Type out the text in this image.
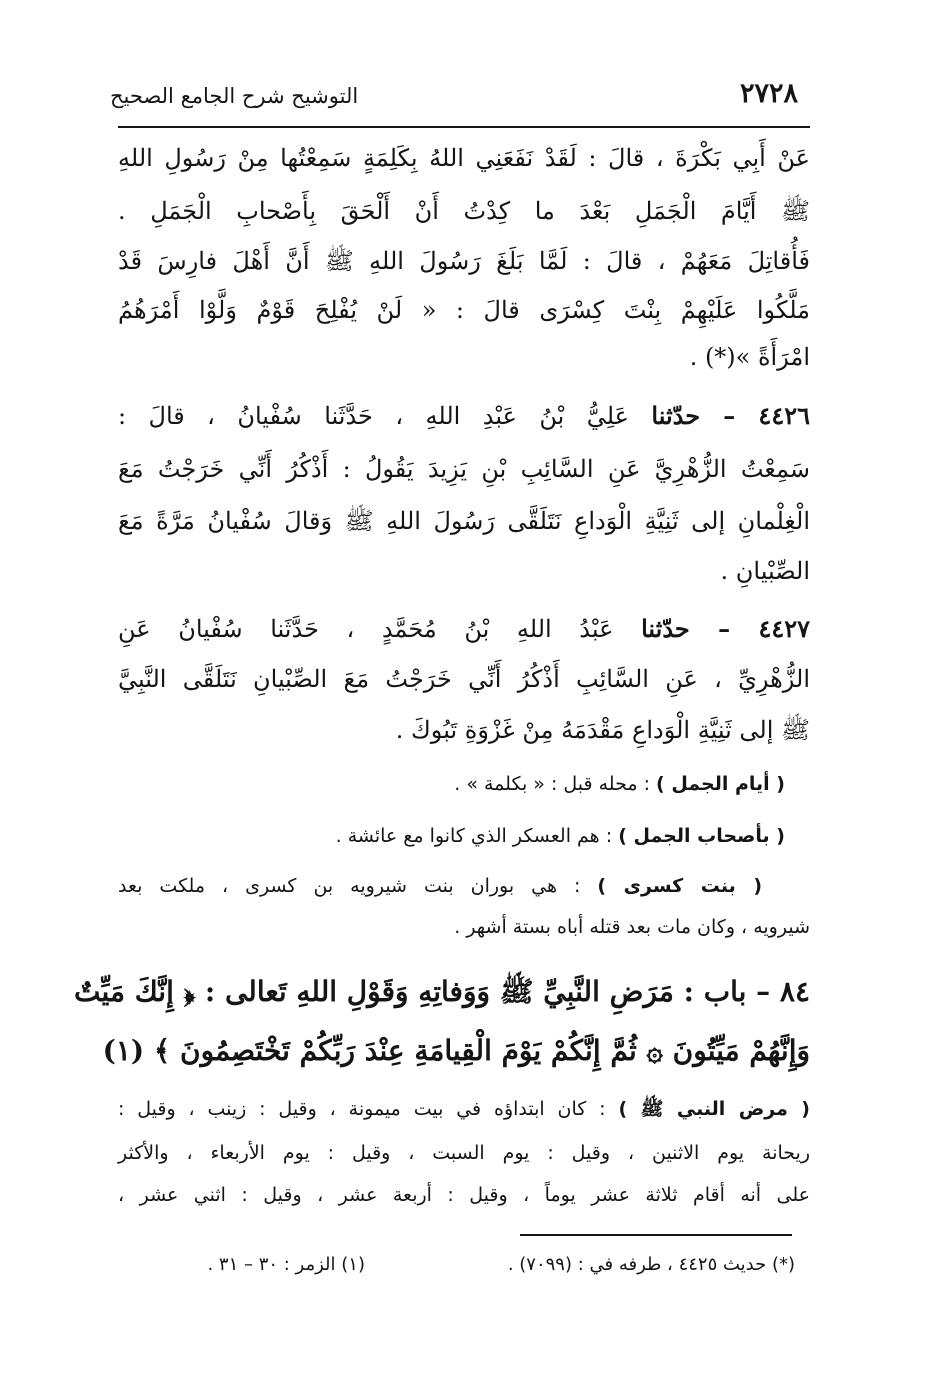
٢٧٢٨
التوشيح شرح الجامع الصحيح
عَنْ أَبِي بَكْرَةَ ، قالَ : لَقَدْ نَفَعَنِي اللهُ بِكَلِمَةٍ سَمِعْتُها مِنْ رَسُولِ اللهِ
ﷺ أَيَّامَ الْجَمَلِ بَعْدَ ما كِدْتُ أَنْ أَلْحَقَ بِأَصْحابِ الْجَمَلِ .
فَأُقاتِلَ مَعَهُمْ ، قالَ : لَمَّا بَلَغَ رَسُولَ اللهِ ﷺ أَنَّ أَهْلَ فارِسَ قَدْ
مَلَّكُوا عَلَيْهِمْ بِنْتَ كِسْرَى قالَ : « لَنْ يُفْلِحَ قَوْمٌ وَلَّوْا أَمْرَهُمُ
امْرَأَةً »(*) .
٤٤٢٦ – حدّثنا عَلِيُّ بْنُ عَبْدِ اللهِ ، حَدَّثَنا سُفْيانُ ، قالَ :
سَمِعْتُ الزُّهْرِيَّ عَنِ السَّائِبِ بْنِ يَزِيدَ يَقُولُ : أَذْكُرُ أَنِّي خَرَجْتُ مَعَ
الْغِلْمانِ إلى ثَنِيَّةِ الْوَداعِ نَتَلَقَّى رَسُولَ اللهِ ﷺ وَقالَ سُفْيانُ مَرَّةً مَعَ
الصِّبْيانِ .
٤٤٢٧ – حدّثنا عَبْدُ اللهِ بْنُ مُحَمَّدٍ ، حَدَّثَنا سُفْيانُ عَنِ
الزُّهْرِيِّ ، عَنِ السَّائِبِ أَذْكُرُ أَنِّي خَرَجْتُ مَعَ الصِّبْيانِ نَتَلَقَّى النَّبِيَّ
ﷺ إلى ثَنِيَّةِ الْوَداعِ مَقْدَمَهُ مِنْ غَزْوَةِ تَبُوكَ .
( أيام الجمل ) : محله قبل : « بكلمة » .
( بأصحاب الجمل ) : هم العسكر الذي كانوا مع عائشة .
( بنت كسرى ) : هي بوران بنت شيرويه بن كسرى ، ملكت بعد
شيرويه ، وكان مات بعد قتله أباه بستة أشهر .
٨٤ – باب : مَرَضِ النَّبِيِّ ﷺ وَوَفاتِهِ وَقَوْلِ اللهِ تَعالى : ﴿ إِنَّكَ مَيِّتٌ
وَإِنَّهُمْ مَيِّتُونَ ۞ ثُمَّ إِنَّكُمْ يَوْمَ الْقِيامَةِ عِنْدَ رَبِّكُمْ تَخْتَصِمُونَ ﴾ (١)
( مرض النبي ﷺ ) : كان ابتداؤه في بيت ميمونة ، وقيل : زينب ، وقيل :
ريحانة يوم الاثنين ، وقيل : يوم السبت ، وقيل : يوم الأربعاء ، والأكثر
على أنه أقام ثلاثة عشر يوماً ، وقيل : أربعة عشر ، وقيل : اثني عشر ،
(*) حديث ٤٤٢٥ ، طرفه في : (٧٠٩٩) .
(١) الزمر : ٣٠ – ٣١ .
